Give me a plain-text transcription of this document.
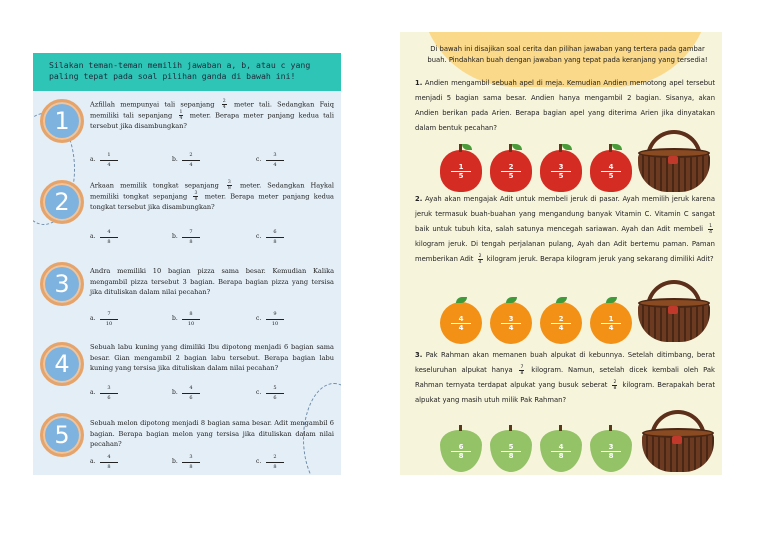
Silakan teman-teman memilih jawaban a, b, atau c yang paling tepat pada soal pilihan ganda di bawah ini!
1
Azfillah mempunyai tali sepanjang $\frac{2}{4}$ meter tali. Sedangkan Faiq memiliki tali sepanjang $\frac{1}{4}$ meter. Berapa meter panjang kedua tali tersebut jika disambungkan?
a.
1
4
b.
2
4
c.
3
4
2
Arkaan memilik tongkat sepanjang $\frac{3}{8}$ meter. Sedangkan Haykal memiliki tongkat sepanjang $\frac{3}{8}$ meter. Berapa meter panjang kedua tongkat tersebut jika disambungkan?
a.
4
8
b.
7
8
c.
6
8
3	Andra memiliki 10 bagian pizza sama besar. Kemudian Kalika mengambil pizza tersebut 3 bagian. Berapa bagian pizza yang tersisa jika dituliskan dalam nilai pecahan?
a.
7
10
b.
8
10
c.
9
10
4
Sebuah labu kuning yang dimiliki Ibu dipotong menjadi 6 bagian sama besar. Gian mengambil 2 bagian labu tersebut. Berapa bagian labu kuning yang tersisa jika dituliskan dalam nilai pecahan?
a.
3
6
b.
4
6
c.
5
6
5	Sebuah melon dipotong menjadi 8 bagian sama besar. Adit mengambil 6 bagian. Berapa bagian melon yang tersisa jika dituliskan dalam nilai pecahan?
a.
4
8
b.
3
8
c.
2
8
Di bawah ini disajikan soal cerita dan pilihan jawaban yang tertera pada gambar buah. Pindahkan buah dengan jawaban yang tepat pada keranjang yang tersedia!
1. Andien mengambil sebuah apel di meja. Kemudian Andien memotong apel tersebut menjadi 5 bagian sama besar. Andien hanya mengambil 2 bagian. Sisanya, akan Andien berikan pada Arien. Berapa bagian apel yang diterima Arien jika dinyatakan dalam bentuk pecahan?
1
5
2
5
3
5
4
5
2. Ayah akan mengajak Adit untuk membeli jeruk di pasar. Ayah memilih jeruk karena jeruk termasuk buah-buahan yang mengandung banyak Vitamin C. Vitamin C sangat baik untuk tubuh kita, salah satunya mencegah sariawan. Ayah dan Adit membeli $\frac{1}{4}$
kilogram jeruk. Di tengah perjalanan pulang, Ayah dan Adit bertemu paman. Paman memberikan Adit $\frac{2}{4}$ kilogram jeruk. Berapa kilogram jeruk yang sekarang dimiliki Adit?
4
4
3
4
2
4
1
4
3. Pak Rahman akan memanen buah alpukat di kebunnya. Setelah ditimbang, berat keseluruhan alpukat hanya $\frac{7}{8}$ kilogram. Namun, setelah dicek kembali oleh Pak Rahman ternyata terdapat alpukat yang busuk seberat $\frac{2}{8}$ kilogram. Berapakah berat alpukat yang masih utuh milik Pak Rahman?
6
8
5
8
4
8
3
8
